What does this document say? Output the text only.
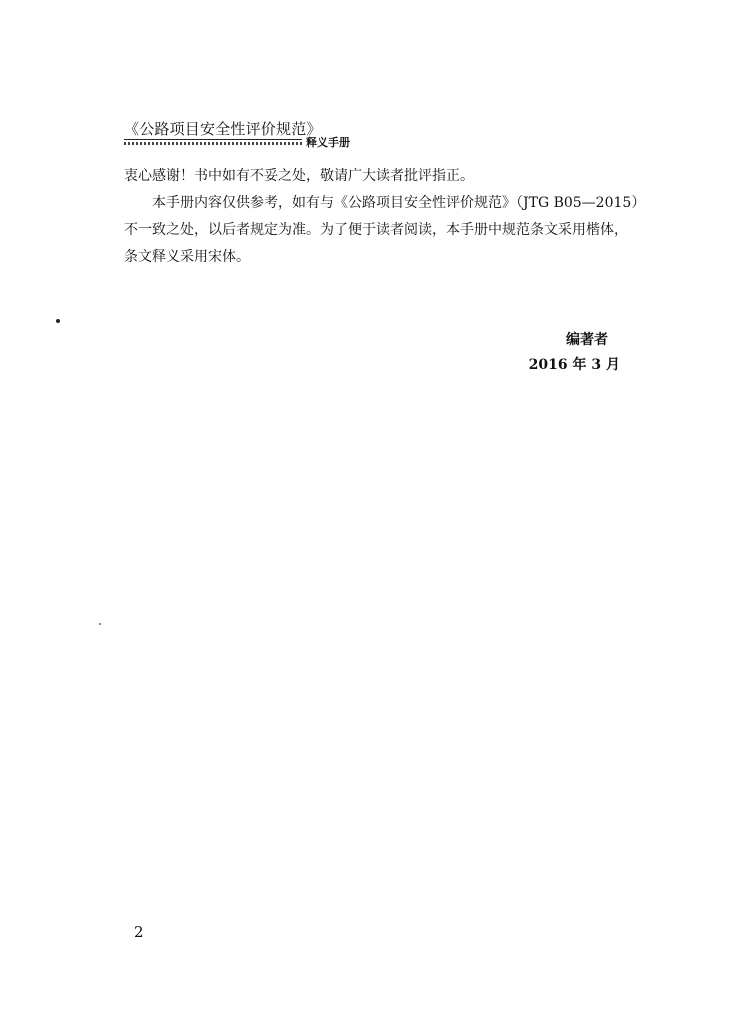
《公路项目安全性评价规范》
释义手册
衷心感谢！书中如有不妥之处，敬请广大读者批评指正。
本手册内容仅供参考，如有与《公路项目安全性评价规范》（JTG B05—2015）
不一致之处，以后者规定为准。为了便于读者阅读，本手册中规范条文采用楷体，
条文释义采用宋体。
编著者
2016 年 3 月
2
